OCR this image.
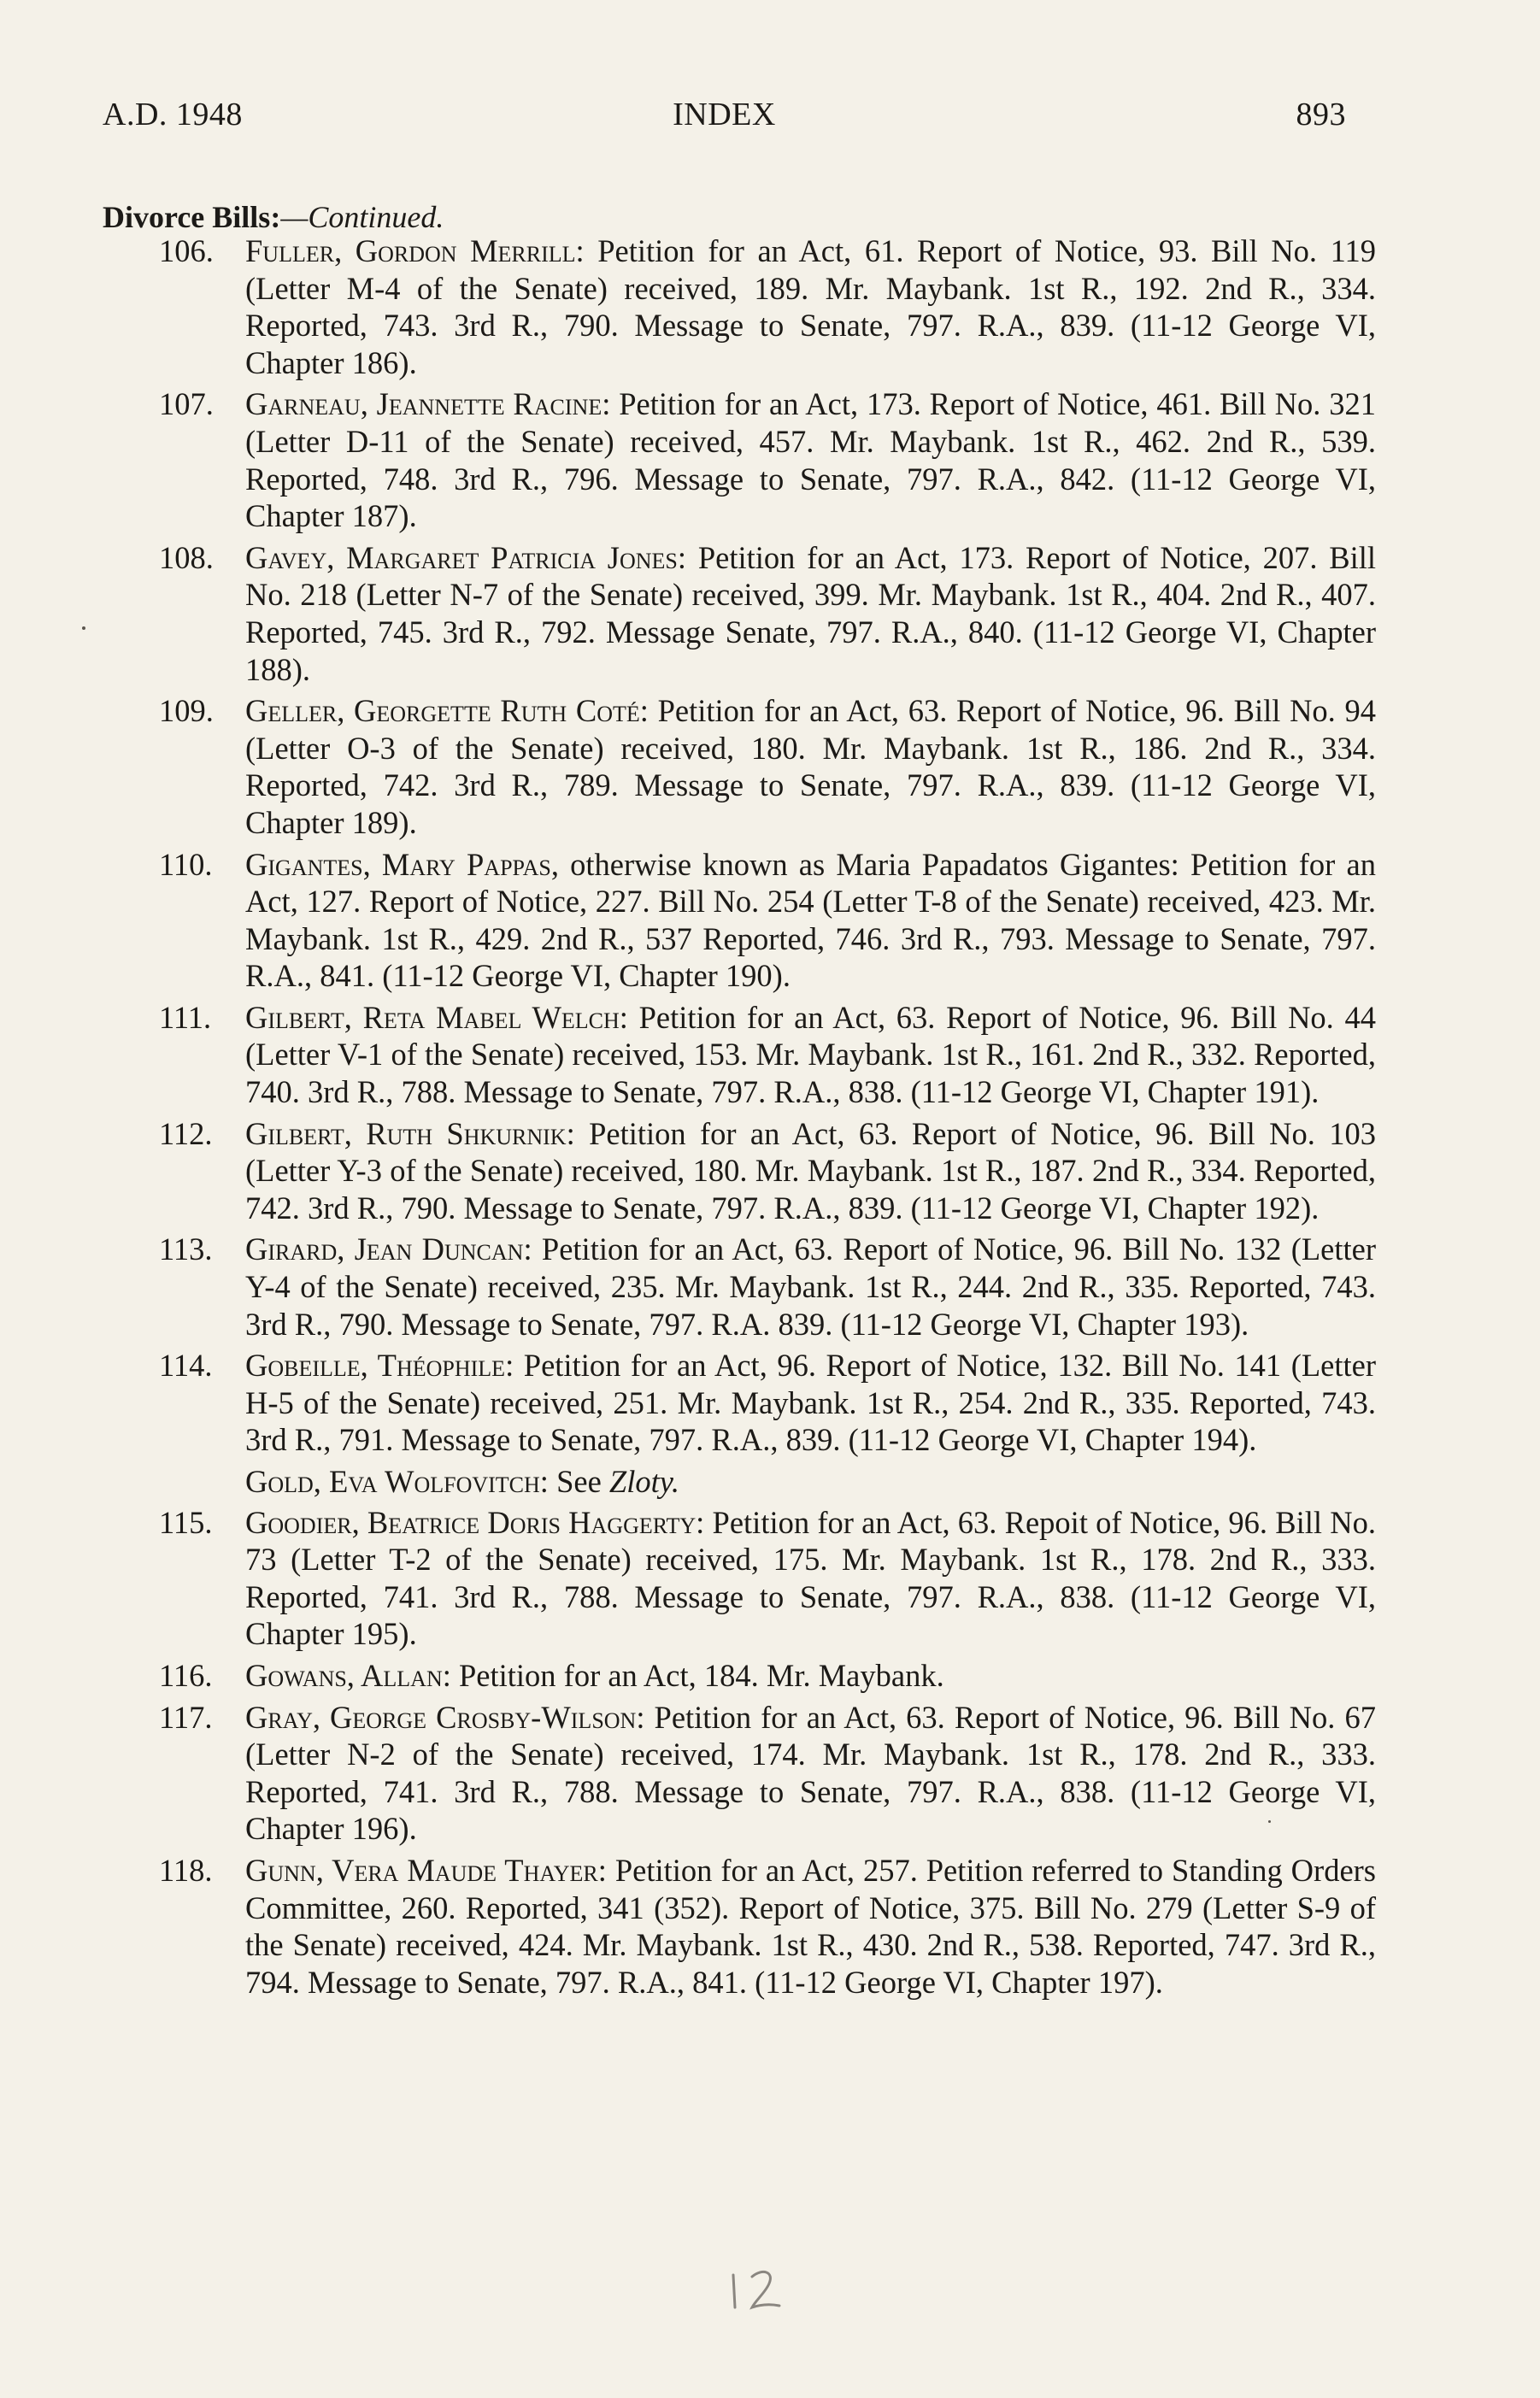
INDEX
A.D. 1948	893
Divorce Bills:—Continued.
106. Fuller, Gordon Merrill: Petition for an Act, 61. Report of Notice, 93. Bill No. 119 (Letter M-4 of the Senate) received, 189. Mr. Maybank. 1st R., 192. 2nd R., 334. Reported, 743. 3rd R., 790. Message to Senate, 797. R.A., 839. (11-12 George VI, Chapter 186).
107. Garneau, Jeannette Racine: Petition for an Act, 173. Report of Notice, 461. Bill No. 321 (Letter D-11 of the Senate) received, 457. Mr. Maybank. 1st R., 462. 2nd R., 539. Reported, 748. 3rd R., 796. Message to Senate, 797. R.A., 842. (11-12 George VI, Chapter 187).
108. Gavey, Margaret Patricia Jones: Petition for an Act, 173. Report of Notice, 207. Bill No. 218 (Letter N-7 of the Senate) received, 399. Mr. Maybank. 1st R., 404. 2nd R., 407. Reported, 745. 3rd R., 792. Message Senate, 797. R.A., 840. (11-12 George VI, Chapter 188).
109. Geller, Georgette Ruth Coté: Petition for an Act, 63. Report of Notice, 96. Bill No. 94 (Letter O-3 of the Senate) received, 180. Mr. Maybank. 1st R., 186. 2nd R., 334. Reported, 742. 3rd R., 789. Message to Senate, 797. R.A., 839. (11-12 George VI, Chapter 189).
110. Gigantes, Mary Pappas, otherwise known as Maria Papadatos Gigantes: Petition for an Act, 127. Report of Notice, 227. Bill No. 254 (Letter T-8 of the Senate) received, 423. Mr. Maybank. 1st R., 429. 2nd R., 537 Reported, 746. 3rd R., 793. Message to Senate, 797. R.A., 841. (11-12 George VI, Chapter 190).
111. Gilbert, Reta Mabel Welch: Petition for an Act, 63. Report of Notice, 96. Bill No. 44 (Letter V-1 of the Senate) received, 153. Mr. Maybank. 1st R., 161. 2nd R., 332. Reported, 740. 3rd R., 788. Message to Senate, 797. R.A., 838. (11-12 George VI, Chapter 191).
112. Gilbert, Ruth Shkurnik: Petition for an Act, 63. Report of Notice, 96. Bill No. 103 (Letter Y-3 of the Senate) received, 180. Mr. Maybank. 1st R., 187. 2nd R., 334. Reported, 742. 3rd R., 790. Message to Senate, 797. R.A., 839. (11-12 George VI, Chapter 192).
113. Girard, Jean Duncan: Petition for an Act, 63. Report of Notice, 96. Bill No. 132 (Letter Y-4 of the Senate) received, 235. Mr. Maybank. 1st R., 244. 2nd R., 335. Reported, 743. 3rd R., 790. Message to Senate, 797. R.A. 839. (11-12 George VI, Chapter 193).
114. Gobeille, Théophile: Petition for an Act, 96. Report of Notice, 132. Bill No. 141 (Letter H-5 of the Senate) received, 251. Mr. Maybank. 1st R., 254. 2nd R., 335. Reported, 743. 3rd R., 791. Message to Senate, 797. R.A., 839. (11-12 George VI, Chapter 194).
Gold, Eva Wolfovitch: See Zloty.
115. Goodier, Beatrice Doris Haggerty: Petition for an Act, 63. Repoit of Notice, 96. Bill No. 73 (Letter T-2 of the Senate) received, 175. Mr. Maybank. 1st R., 178. 2nd R., 333. Reported, 741. 3rd R., 788. Message to Senate, 797. R.A., 838. (11-12 George VI, Chapter 195).
116. Gowans, Allan: Petition for an Act, 184. Mr. Maybank.
117. Gray, George Crosby-Wilson: Petition for an Act, 63. Report of Notice, 96. Bill No. 67 (Letter N-2 of the Senate) received, 174. Mr. Maybank. 1st R., 178. 2nd R., 333. Reported, 741. 3rd R., 788. Message to Senate, 797. R.A., 838. (11-12 George VI, Chapter 196).
118. Gunn, Vera Maude Thayer: Petition for an Act, 257. Petition referred to Standing Orders Committee, 260. Reported, 341 (352). Report of Notice, 375. Bill No. 279 (Letter S-9 of the Senate) received, 424. Mr. Maybank. 1st R., 430. 2nd R., 538. Reported, 747. 3rd R., 794. Message to Senate, 797. R.A., 841. (11-12 George VI, Chapter 197).
